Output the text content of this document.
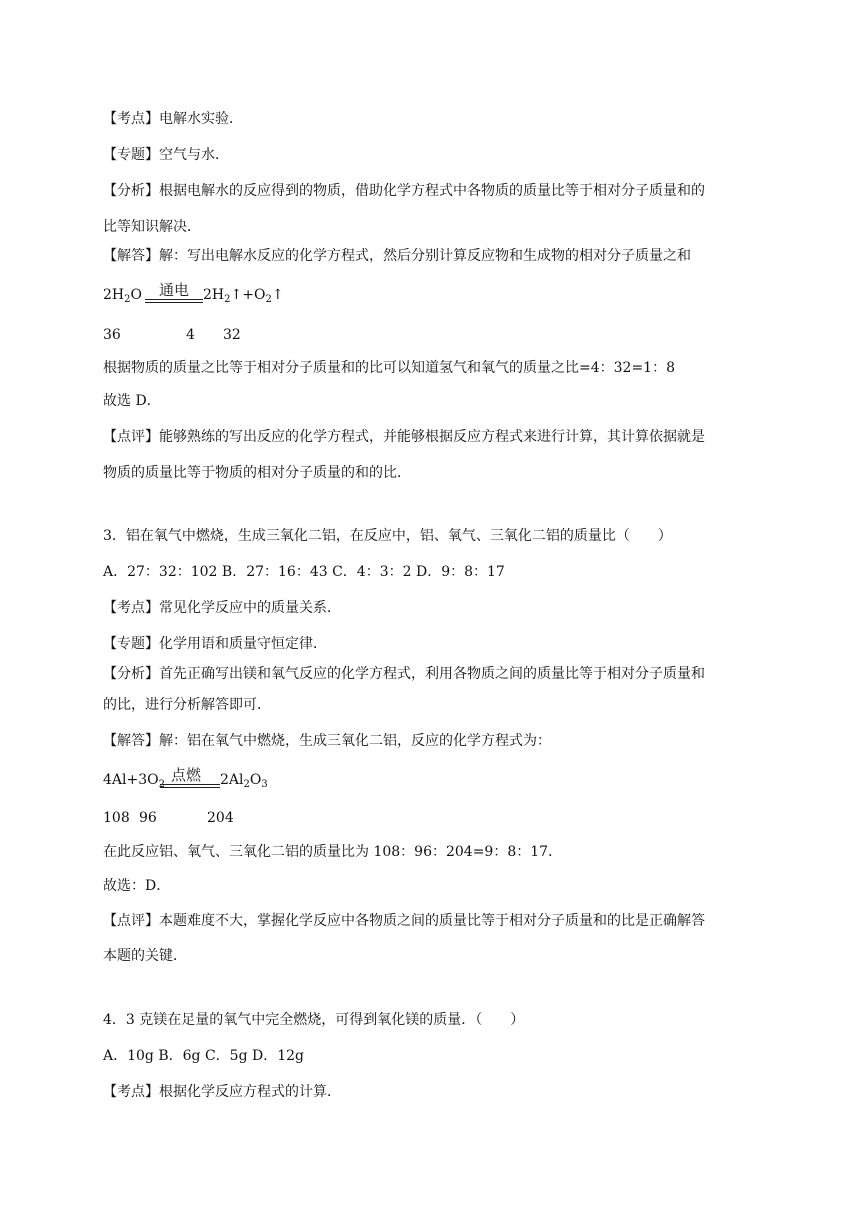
【考点】电解水实验．
【专题】空气与水．
【分析】根据电解水的反应得到的物质，借助化学方程式中各物质的质量比等于相对分子质量和的
比等知识解决．
【解答】解：写出电解水反应的化学方程式，然后分别计算反应物和生成物的相对分子质量之和
$2H_2O$	通电	$2H_2↑+O_2↑$
36	4 32
根据物质的质量之比等于相对分子质量和的比可以知道氢气和氧气的质量之比=4：32=1：8
故选 D．
【点评】能够熟练的写出反应的化学方程式，并能够根据反应方程式来进行计算，其计算依据就是
物质的质量比等于物质的相对分子质量的和的比．
3．铝在氧气中燃烧，生成三氧化二铝，在反应中，铝、氧气、三氧化二铝的质量比（　　）
A．27：32：102 B．27：16：43 C．4：3：2 D．9：8：17
【考点】常见化学反应中的质量关系．
【专题】化学用语和质量守恒定律．
【分析】首先正确写出镁和氧气反应的化学方程式，利用各物质之间的质量比等于相对分子质量和
的比，进行分析解答即可．
【解答】解：铝在氧气中燃烧，生成三氧化二铝，反应的化学方程式为：
$4Al+3O_2$
点燃	$2Al_2O_3$
108 96	204
在此反应铝、氧气、三氧化二铝的质量比为 108：96：204=9：8：17．
故选：D．
【点评】本题难度不大，掌握化学反应中各物质之间的质量比等于相对分子质量和的比是正确解答
本题的关键．
4．3 克镁在足量的氧气中完全燃烧，可得到氧化镁的质量．（　　）
A．10g B．6g C．5g D．12g
【考点】根据化学反应方程式的计算．
